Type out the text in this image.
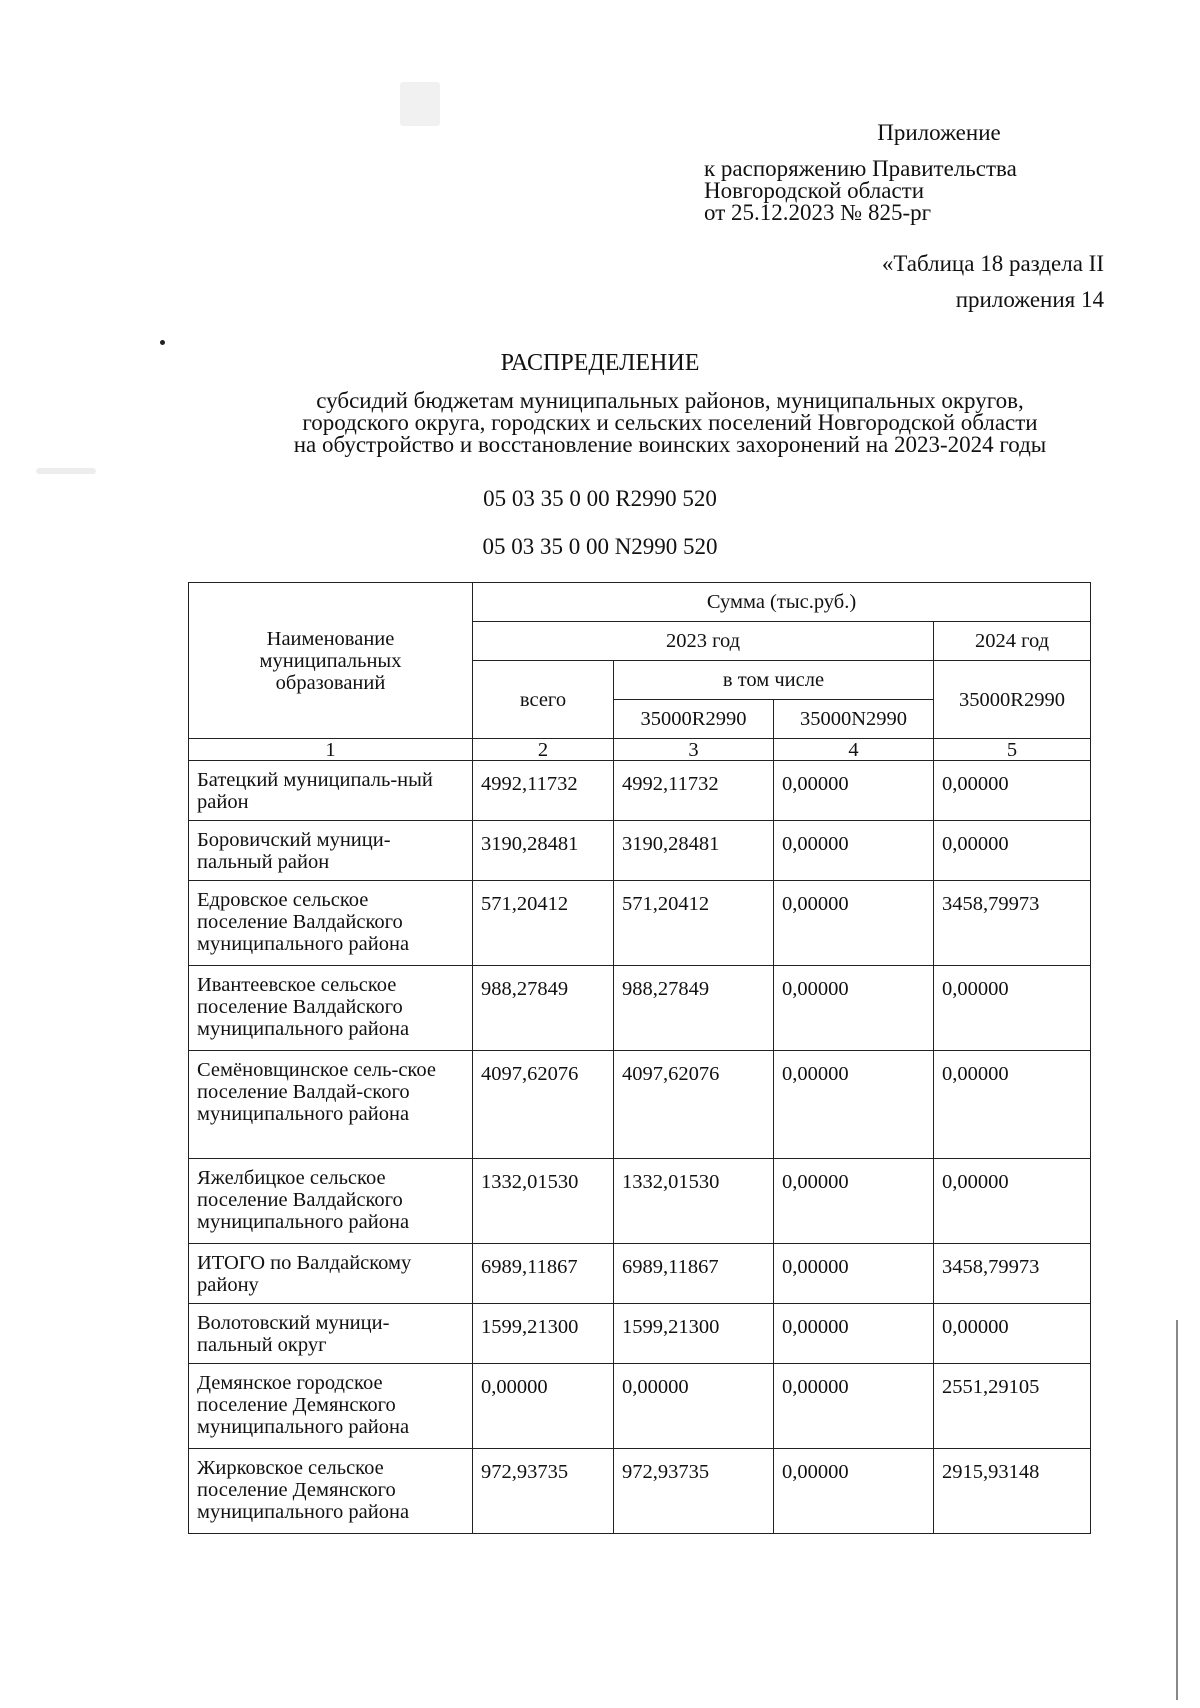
Приложение
к распоряжению Правительства
Новгородской области
от 25.12.2023 № 825-рг
«Таблица 18 раздела II
приложения 14
РАСПРЕДЕЛЕНИЕ
субсидий бюджетам муниципальных районов, муниципальных округов,
городского округа, городских и сельских поселений Новгородской области
на обустройство и восстановление воинских захоронений на 2023-2024 годы
05 03 35 0 00 R2990 520
05 03 35 0 00 N2990 520
Наименование муниципальных образований	Сумма (тыс.руб.)			
	2023 год			2024 год
	всего	в том числе		35000R2990
		35000R2990	35000N2990	
1	2	3	4	5
Батецкий муниципаль-ный район	4992,11732	4992,11732	0,00000	0,00000
Боровичский муници-пальный район	3190,28481	3190,28481	0,00000	0,00000
Едровское сельское поселение Валдайского муниципального района	571,20412	571,20412	0,00000	3458,79973
Ивантеевское сельское поселение Валдайского муниципального района	988,27849	988,27849	0,00000	0,00000
Семёновщинское сель-ское поселение Валдай-ского муниципального района	4097,62076	4097,62076	0,00000	0,00000
Яжелбицкое сельское поселение Валдайского муниципального района	1332,01530	1332,01530	0,00000	0,00000
ИТОГО по Валдайскому району	6989,11867	6989,11867	0,00000	3458,79973
Волотовский муници-пальный округ	1599,21300	1599,21300	0,00000	0,00000
Демянское городское поселение Демянского муниципального района	0,00000	0,00000	0,00000	2551,29105
Жирковское сельское поселение Демянского муниципального района	972,93735	972,93735	0,00000	2915,93148
